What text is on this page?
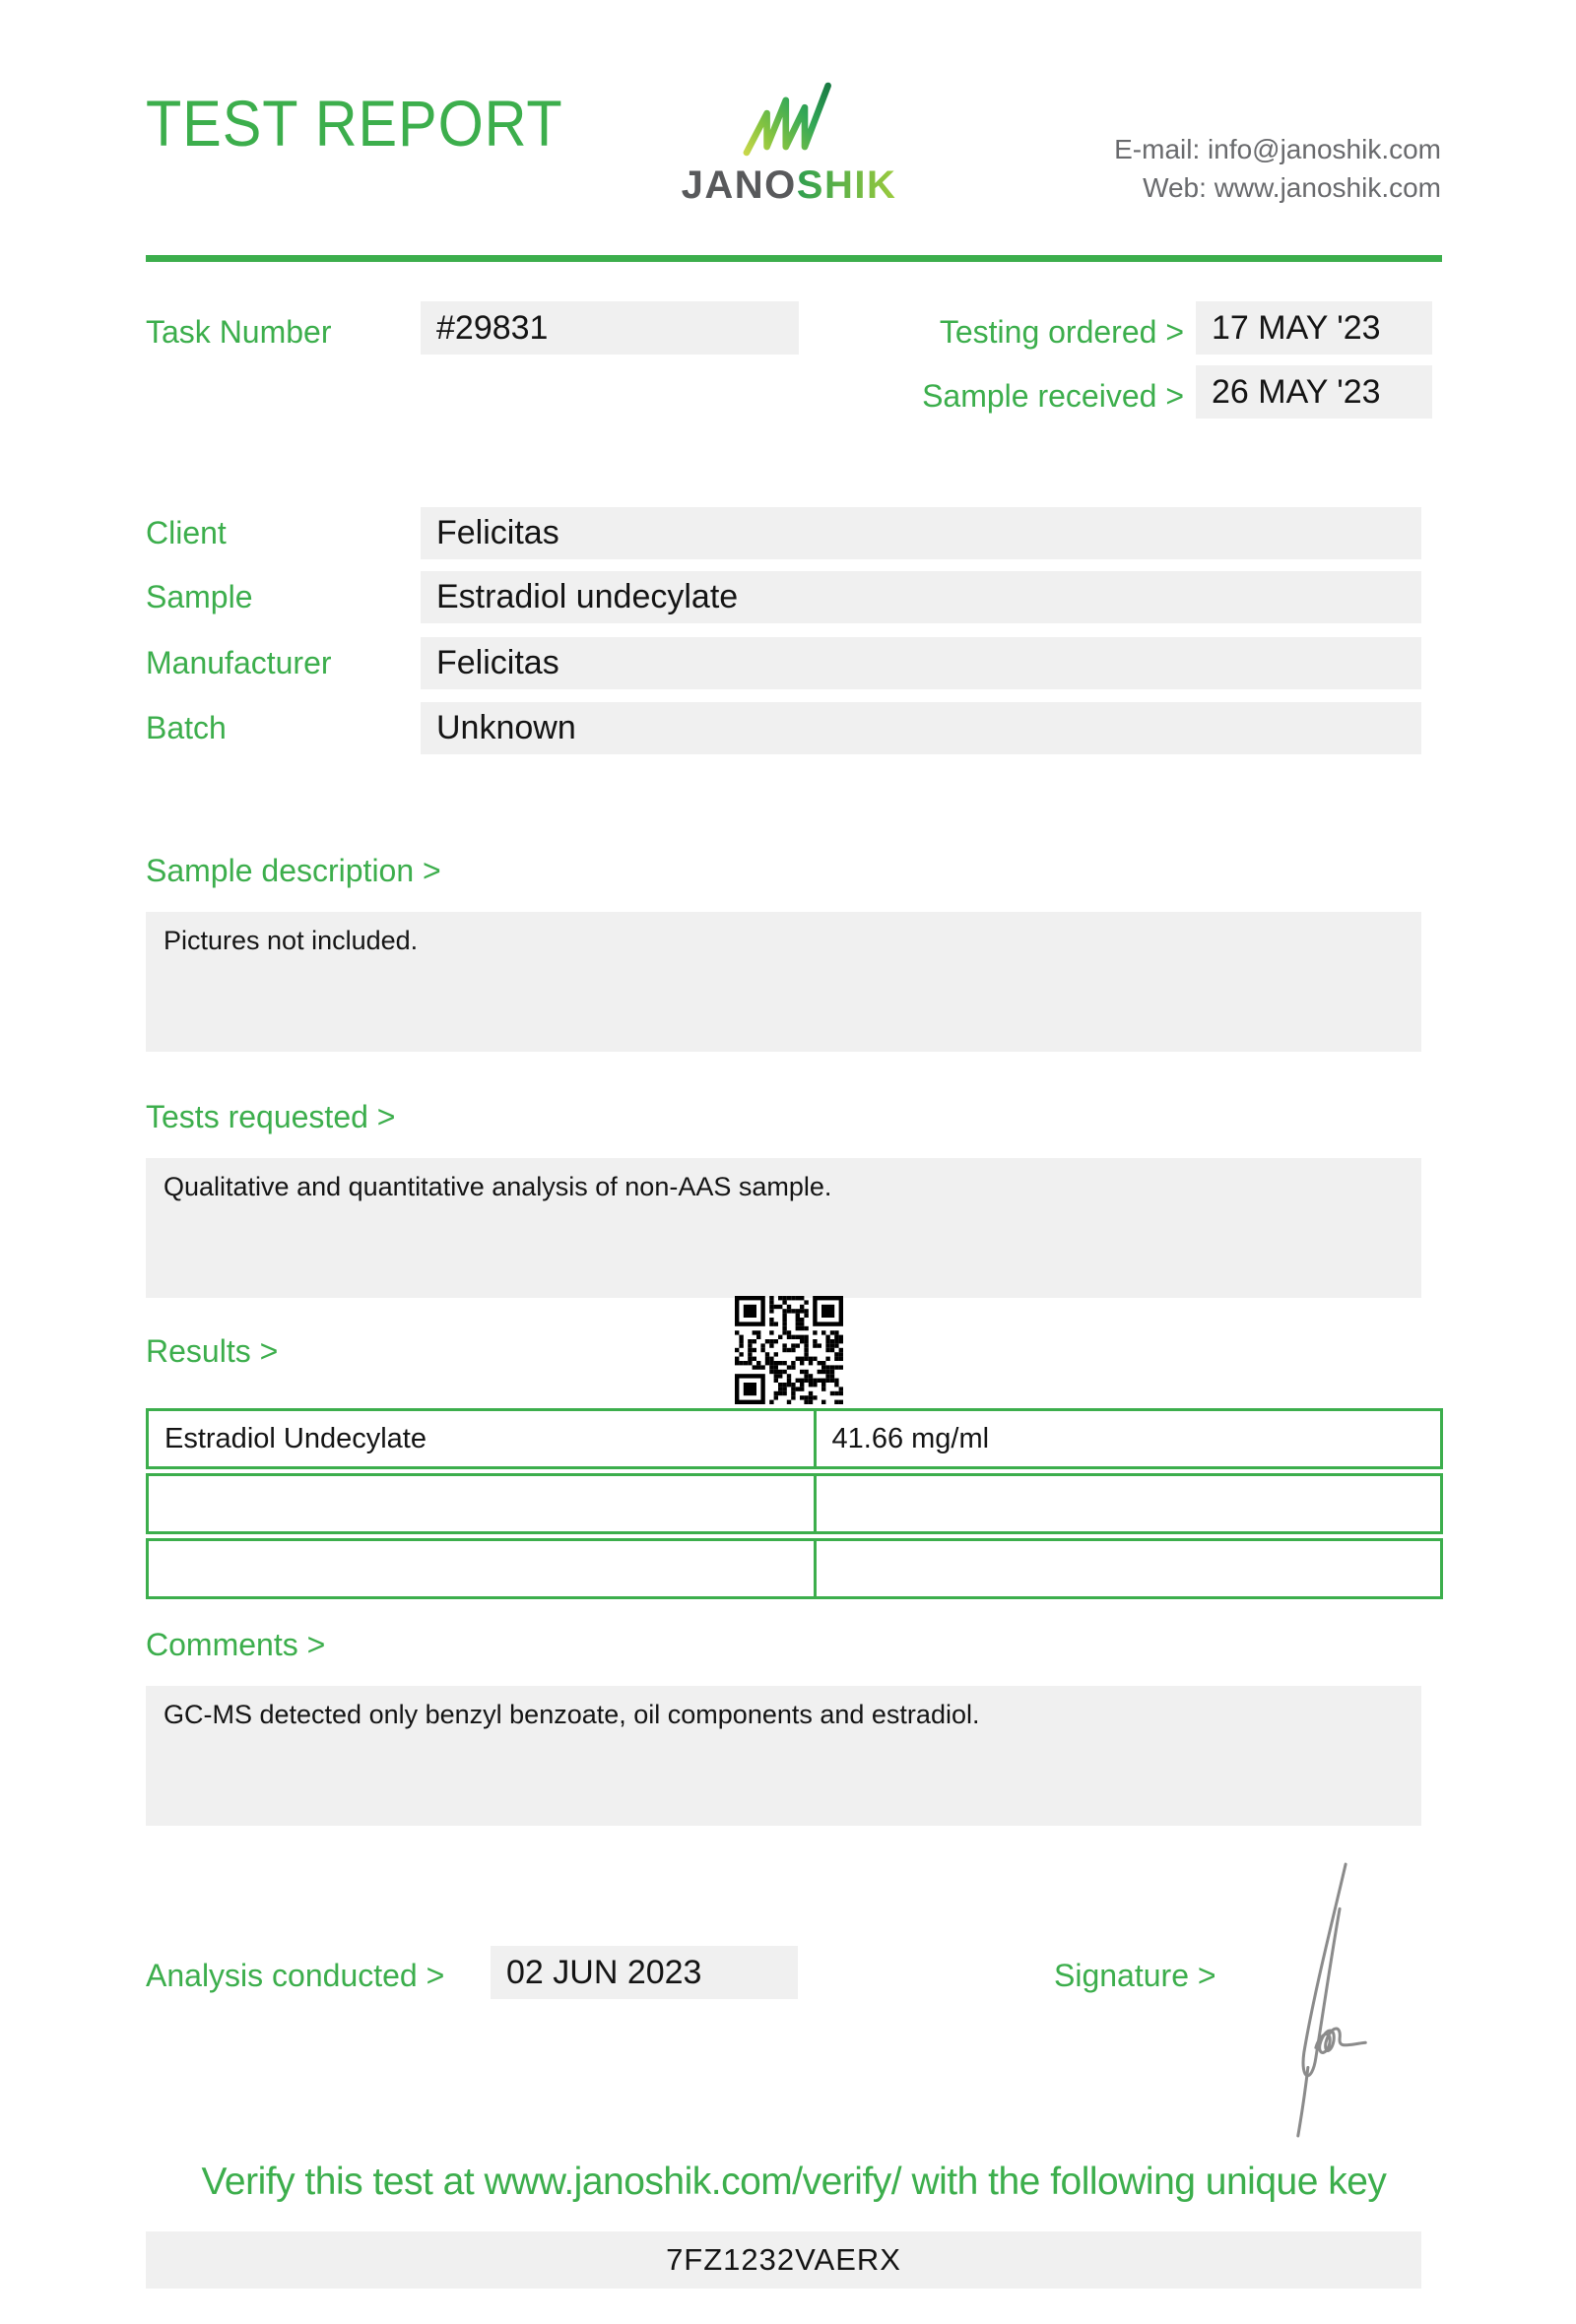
TEST REPORT
JANOSHIK
E-mail: info@janoshik.com
Web: www.janoshik.com
Task Number	#29831	Testing ordered > 17 MAY '23
Sample received > 26 MAY '23
Client	Felicitas
Sample	Estradiol undecylate
Manufacturer	Felicitas
Batch	Unknown
Sample description >
Pictures not included.
Tests requested >
Qualitative and quantitative analysis of non-AAS sample.
Results >
Estradiol Undecylate	41.66 mg/ml

Comments >
GC-MS detected only benzyl benzoate, oil components and estradiol.
Analysis conducted >	02 JUN 2023	Signature >
Verify this test at www.janoshik.com/verify/ with the following unique key
7FZ1232VAERX
